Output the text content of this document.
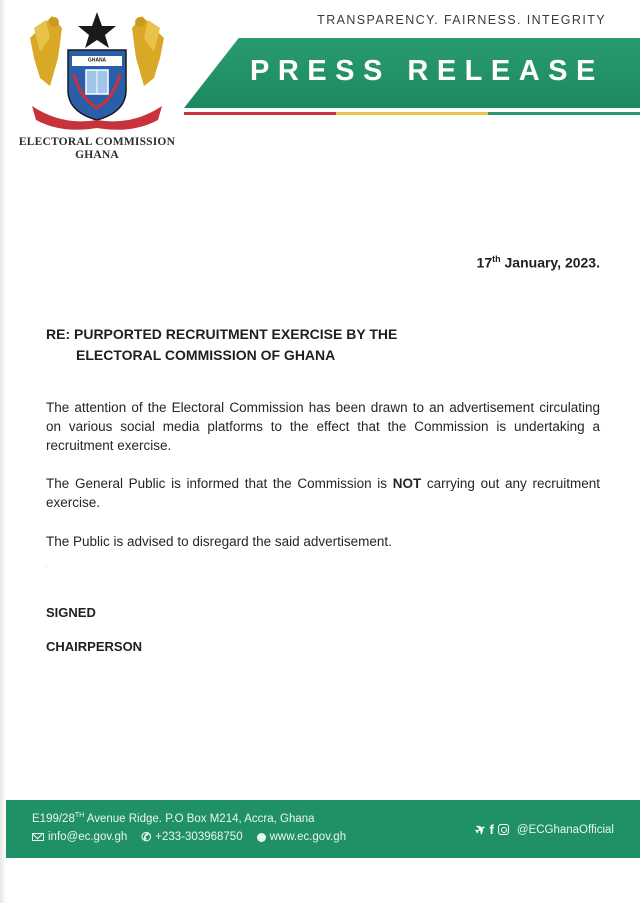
GHANA
ELECTORAL COMMISSION
GHANA
TRANSPARENCY. FAIRNESS. INTEGRITY
PRESS RELEASE
17th January, 2023.
RE: PURPORTED RECRUITMENT EXERCISE BY THE
ELECTORAL COMMISSION OF GHANA
The attention of the Electoral Commission has been drawn to an advertisement circulating on various social media platforms to the effect that the Commission is undertaking a recruitment exercise.
The General Public is informed that the Commission is NOT carrying out any recruitment exercise.
The Public is advised to disregard the said advertisement.
SIGNED
CHAIRPERSON
E199/28TH Avenue Ridge. P.O Box M214, Accra, Ghana
info@ec.gov.gh ✆ +233-303968750 www.ec.gov.gh	✈ f @ECGhanaOfficial
